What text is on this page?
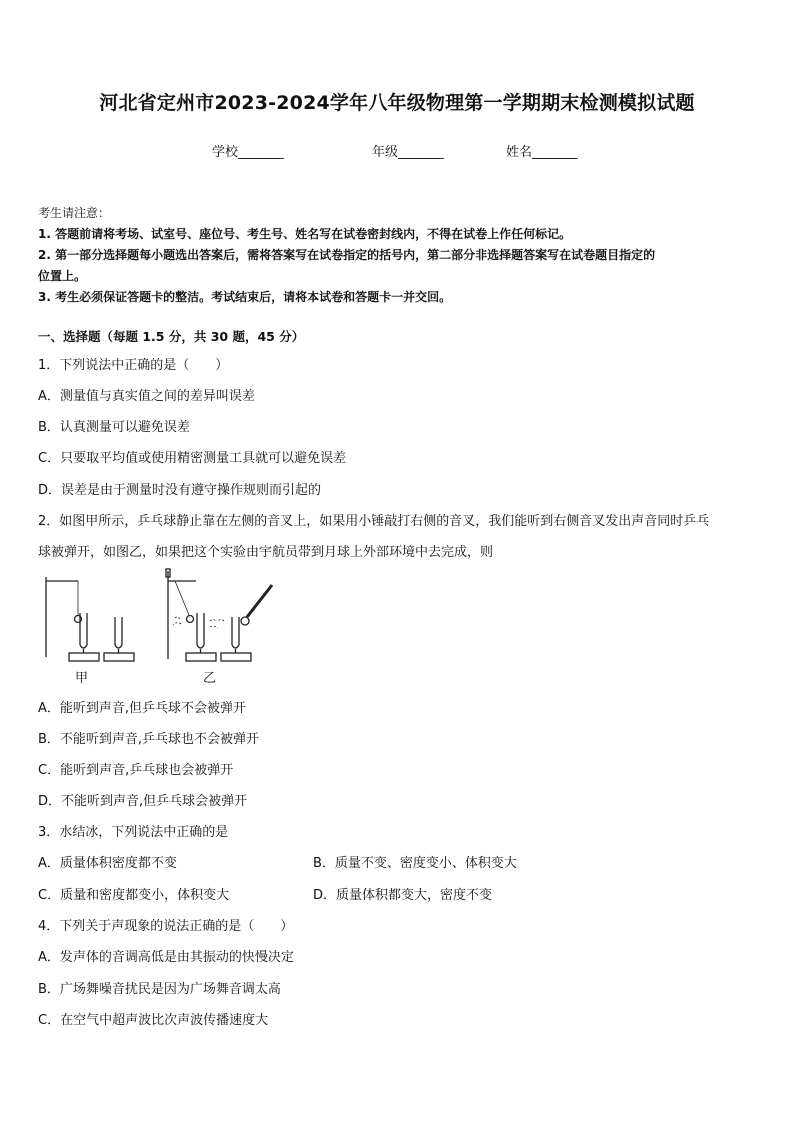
河北省定州市2023-2024学年八年级物理第一学期期末检测模拟试题
学校_______	年级_______	姓名_______
考生请注意：
1. 答题前请将考场、试室号、座位号、考生号、姓名写在试卷密封线内，不得在试卷上作任何标记。
2. 第一部分选择题每小题选出答案后，需将答案写在试卷指定的括号内，第二部分非选择题答案写在试卷题目指定的
位置上。
3. 考生必须保证答题卡的整洁。考试结束后，请将本试卷和答题卡一并交回。
一、选择题（每题 1.5 分，共 30 题，45 分）
1．下列说法中正确的是（　　）
A．测量值与真实值之间的差异叫误差
B．认真测量可以避免误差
C．只要取平均值或使用精密测量工具就可以避免误差
D．误差是由于测量时没有遵守操作规则而引起的
2．如图甲所示，乒乓球静止靠在左侧的音叉上，如果用小锤敲打右侧的音叉，我们能听到右侧音叉发出声音同时乒乓
球被弹开，如图乙，如果把这个实验由宇航员带到月球上外部环境中去完成，则
甲	乙
A．能听到声音,但乒乓球不会被弹开
B．不能听到声音,乒乓球也不会被弹开
C．能听到声音,乒乓球也会被弹开
D．不能听到声音,但乒乓球会被弹开
3．水结冰，下列说法中正确的是
A．质量体积密度都不变	B．质量不变、密度变小、体积变大
C．质量和密度都变小，体积变大	D．质量体积都变大，密度不变
4．下列关于声现象的说法正确的是（　　）
A．发声体的音调高低是由其振动的快慢决定
B．广场舞噪音扰民是因为广场舞音调太高
C．在空气中超声波比次声波传播速度大
